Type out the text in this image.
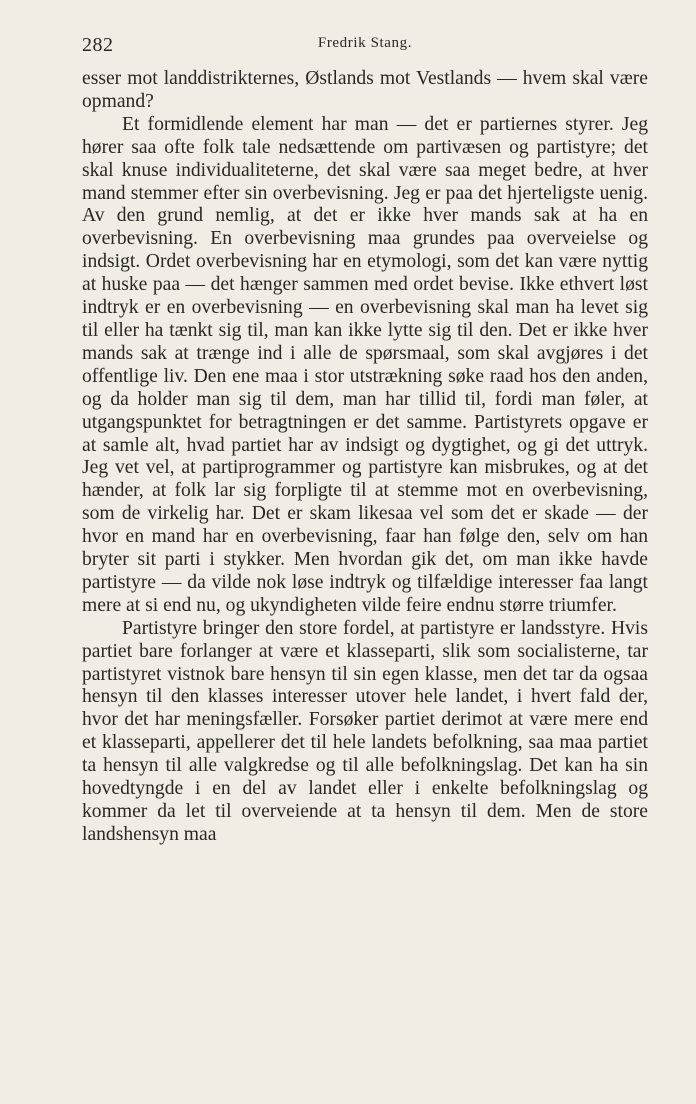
282	Fredrik Stang.

esser mot landdistrikternes, Østlands mot Vestlands — hvem skal være opmand?

Et formidlende element har man — det er partiernes styrer. Jeg hører saa ofte folk tale nedsættende om partivæsen og partistyre; det skal knuse individualiteterne, det skal være saa meget bedre, at hver mand stemmer efter sin overbevisning. Jeg er paa det hjerteligste uenig. Av den grund nemlig, at det er ikke hver mands sak at ha en overbevisning. En overbevisning maa grundes paa overveielse og indsigt. Ordet overbevisning har en etymologi, som det kan være nyttig at huske paa — det hænger sammen med ordet bevise. Ikke ethvert løst indtryk er en overbevisning — en overbevisning skal man ha levet sig til eller ha tænkt sig til, man kan ikke lytte sig til den. Det er ikke hver mands sak at trænge ind i alle de spørsmaal, som skal avgjøres i det offentlige liv. Den ene maa i stor utstrækning søke raad hos den anden, og da holder man sig til dem, man har tillid til, fordi man føler, at utgangspunktet for betragtningen er det samme. Partistyrets opgave er at samle alt, hvad partiet har av indsigt og dygtighet, og gi det uttryk. Jeg vet vel, at partiprogrammer og partistyre kan misbrukes, og at det hænder, at folk lar sig forpligte til at stemme mot en overbevisning, som de virkelig har. Det er skam likesaa vel som det er skade — der hvor en mand har en overbevisning, faar han følge den, selv om han bryter sit parti i stykker. Men hvordan gik det, om man ikke havde partistyre — da vilde nok løse indtryk og tilfældige interesser faa langt mere at si end nu, og ukyndigheten vilde feire endnu større triumfer.

Partistyre bringer den store fordel, at partistyre er landsstyre. Hvis partiet bare forlanger at være et klasseparti, slik som socialisterne, tar partistyret vistnok bare hensyn til sin egen klasse, men det tar da ogsaa hensyn til den klasses interesser utover hele landet, i hvert fald der, hvor det har meningsfæller. Forsøker partiet derimot at være mere end et klasseparti, appellerer det til hele landets befolkning, saa maa partiet ta hensyn til alle valgkredse og til alle befolkningslag. Det kan ha sin hovedtyngde i en del av landet eller i enkelte befolkningslag og kommer da let til overveiende at ta hensyn til dem. Men de store landshensyn maa
